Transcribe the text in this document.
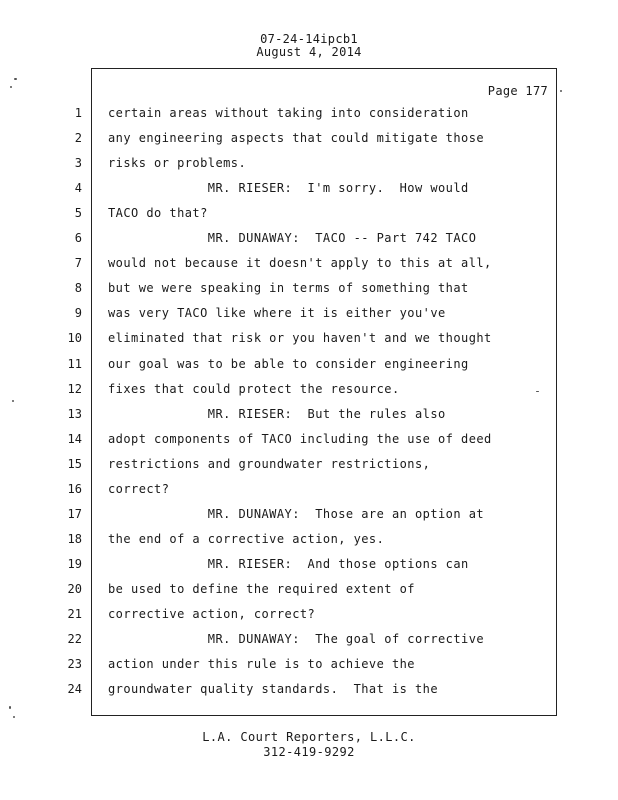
07-24-14ipcb1
August 4, 2014
Page 177
1 certain areas without taking into consideration
2 any engineering aspects that could mitigate those
3 risks or problems.
4 MR. RIESER:  I'm sorry.  How would
5 TACO do that?
6 MR. DUNAWAY:  TACO -- Part 742 TACO
7 would not because it doesn't apply to this at all,
8 but we were speaking in terms of something that
9 was very TACO like where it is either you've
10 eliminated that risk or you haven't and we thought
11 our goal was to be able to consider engineering
12 fixes that could protect the resource.
13 MR. RIESER:  But the rules also
14 adopt components of TACO including the use of deed
15 restrictions and groundwater restrictions,
16 correct?
17 MR. DUNAWAY:  Those are an option at
18 the end of a corrective action, yes.
19 MR. RIESER:  And those options can
20 be used to define the required extent of
21 corrective action, correct?
22 MR. DUNAWAY:  The goal of corrective
23 action under this rule is to achieve the
24 groundwater quality standards.  That is the
L.A. Court Reporters, L.L.C.
312-419-9292
